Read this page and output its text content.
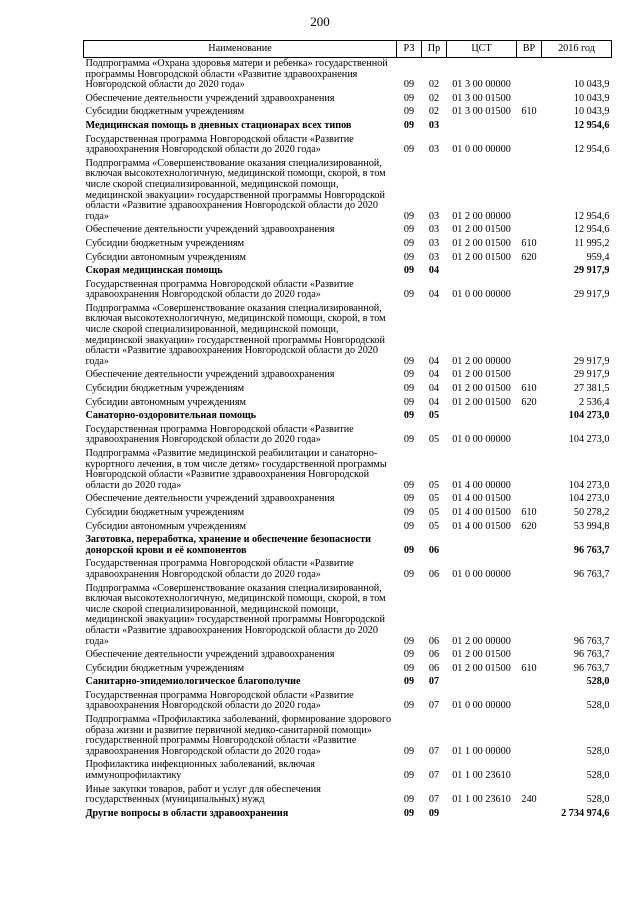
200
Наименование	РЗ	Пр	ЦСТ	ВР	2016 год
Подпрограмма «Охрана здоровья матери и ребенка» государственной программы Новгородской области «Развитие здравоохранения Новгородской области до 2020 года»	09	02	01 3 00 00000		10 043,9
Обеспечение деятельности учреждений здравоохранения	09	02	01 3 00 01500		10 043,9
Субсидии бюджетным учреждениям	09	02	01 3 00 01500	610	10 043,9
Медицинская помощь в дневных стационарах всех типов	09	03			12 954,6
Государственная программа Новгородской области «Развитие здравоохранения Новгородской области до 2020 года»	09	03	01 0 00 00000		12 954,6
Подпрограмма «Совершенствование оказания специализированной, включая высокотехнологичную, медицинской помощи, скорой, в том числе скорой специализированной, медицинской помощи, медицинской эвакуации» государственной программы Новгородской области «Развитие здравоохранения Новгородской области до 2020 года»	09	03	01 2 00 00000		12 954,6
Обеспечение деятельности учреждений здравоохранения	09	03	01 2 00 01500		12 954,6
Субсидии бюджетным учреждениям	09	03	01 2 00 01500	610	11 995,2
Субсидии автономным учреждениям	09	03	01 2 00 01500	620	959,4
Скорая медицинская помощь	09	04			29 917,9
Государственная программа Новгородской области «Развитие здравоохранения Новгородской области до 2020 года»	09	04	01 0 00 00000		29 917,9
Подпрограмма «Совершенствование оказания специализированной, включая высокотехнологичную, медицинской помощи, скорой, в том числе скорой специализированной, медицинской помощи, медицинской эвакуации» государственной программы Новгородской области «Развитие здравоохранения Новгородской области до 2020 года»	09	04	01 2 00 00000		29 917,9
Обеспечение деятельности учреждений здравоохранения	09	04	01 2 00 01500		29 917,9
Субсидии бюджетным учреждениям	09	04	01 2 00 01500	610	27 381,5
Субсидии автономным учреждениям	09	04	01 2 00 01500	620	2 536,4
Санаторно-оздоровительная помощь	09	05			104 273,0
Государственная программа Новгородской области «Развитие здравоохранения Новгородской области до 2020 года»	09	05	01 0 00 00000		104 273,0
Подпрограмма «Развитие медицинской реабилитации и санаторно-курортного лечения, в том числе детям» государственной программы Новгородской области «Развитие здравоохранения Новгородской области до 2020 года»	09	05	01 4 00 00000		104 273,0
Обеспечение деятельности учреждений здравоохранения	09	05	01 4 00 01500		104 273,0
Субсидии бюджетным учреждениям	09	05	01 4 00 01500	610	50 278,2
Субсидии автономным учреждениям	09	05	01 4 00 01500	620	53 994,8
Заготовка, переработка, хранение и обеспечение безопасности донорской крови и её компонентов	09	06			96 763,7
Государственная программа Новгородской области «Развитие здравоохранения Новгородской области до 2020 года»	09	06	01 0 00 00000		96 763,7
Подпрограмма «Совершенствование оказания специализированной, включая высокотехнологичную, медицинской помощи, скорой, в том числе скорой специализированной, медицинской помощи, медицинской эвакуации» государственной программы Новгородской области «Развитие здравоохранения Новгородской области до 2020 года»	09	06	01 2 00 00000		96 763,7
Обеспечение деятельности учреждений здравоохранения	09	06	01 2 00 01500		96 763,7
Субсидии бюджетным учреждениям	09	06	01 2 00 01500	610	96 763,7
Санитарно-эпидемиологическое благополучие	09	07			528,0
Государственная программа Новгородской области «Развитие здравоохранения Новгородской области до 2020 года»	09	07	01 0 00 00000		528,0
Подпрограмма «Профилактика заболеваний, формирование здорового образа жизни и развитие первичной медико-санитарной помощи» государственной программы Новгородской области «Развитие здравоохранения Новгородской области до 2020 года»	09	07	01 1 00 00000		528,0
Профилактика инфекционных заболеваний, включая иммунопрофилактику	09	07	01 1 00 23610		528,0
Иные закупки товаров, работ и услуг для обеспечения государственных (муниципальных) нужд	09	07	01 1 00 23610	240	528,0
Другие вопросы в области здравоохранения	09	09			2 734 974,6
